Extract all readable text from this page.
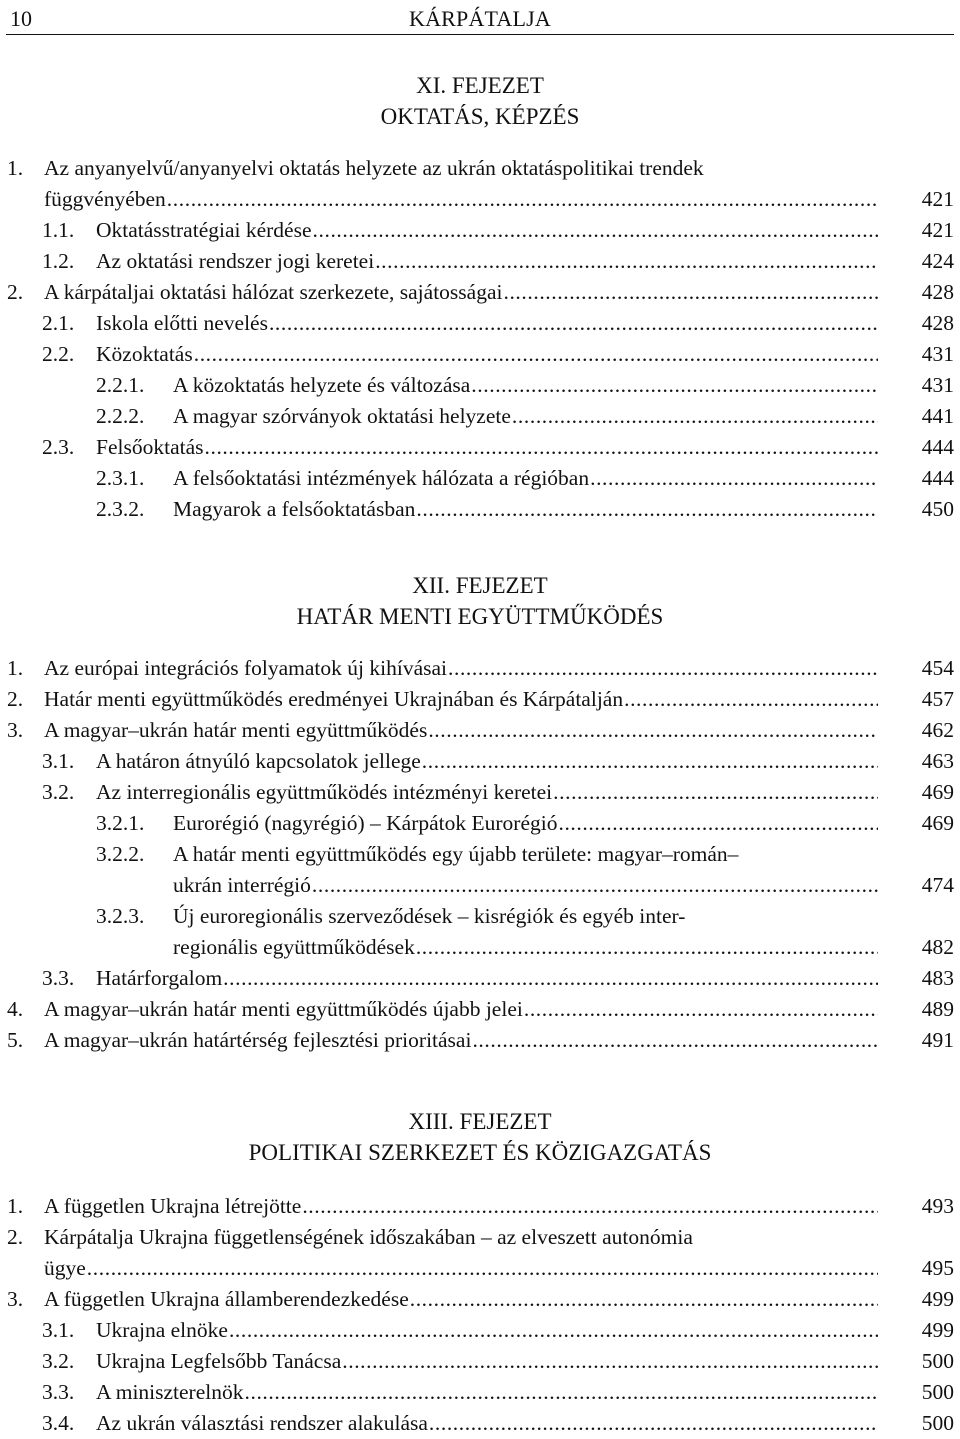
10	KÁRPÁTALJA
XI. FEJEZET
OKTATÁS, KÉPZÉS
1. Az anyanyelvű/anyanyelvi oktatás helyzete az ukrán oktatáspolitikai trendek
függvényében .....	421
1.1. Oktatásstratégiai kérdése .....	421
1.2. Az oktatási rendszer jogi keretei .....	424
2. A kárpátaljai oktatási hálózat szerkezete, sajátosságai .....	428
2.1. Iskola előtti nevelés .....	428
2.2. Közoktatás .....	431
2.2.1. A közoktatás helyzete és változása .....	431
2.2.2. A magyar szórványok oktatási helyzete .....	441
2.3. Felsőoktatás .....	444
2.3.1. A felsőoktatási intézmények hálózata a régióban .....	444
2.3.2. Magyarok a felsőoktatásban .....	450
XII. FEJEZET
HATÁR MENTI EGYÜTTMŰKÖDÉS
1. Az európai integrációs folyamatok új kihívásai .....	454
2. Határ menti együttműködés eredményei Ukrajnában és Kárpátalján .....	457
3. A magyar–ukrán határ menti együttműködés .....	462
3.1. A határon átnyúló kapcsolatok jellege .....	463
3.2. Az interregionális együttműködés intézményi keretei .....	469
3.2.1. Eurorégió (nagyrégió) – Kárpátok Eurorégió .....	469
3.2.2. A határ menti együttműködés egy újabb területe: magyar–román–
ukrán interrégió .....	474
3.2.3. Új euroregionális szerveződések – kisrégiók és egyéb inter-
regionális együttműködések .....	482
3.3. Határforgalom .....	483
4. A magyar–ukrán határ menti együttműködés újabb jelei .....	489
5. A magyar–ukrán határtérség fejlesztési prioritásai .....	491
XIII. FEJEZET
POLITIKAI SZERKEZET ÉS KÖZIGAZGATÁS
1. A független Ukrajna létrejötte .....	493
2. Kárpátalja Ukrajna függetlenségének időszakában – az elveszett autonómia
ügye .....	495
3. A független Ukrajna államberendezkedése .....	499
3.1. Ukrajna elnöke .....	499
3.2. Ukrajna Legfelsőbb Tanácsa .....	500
3.3. A miniszterelnök .....	500
3.4. Az ukrán választási rendszer alakulása .....	500
